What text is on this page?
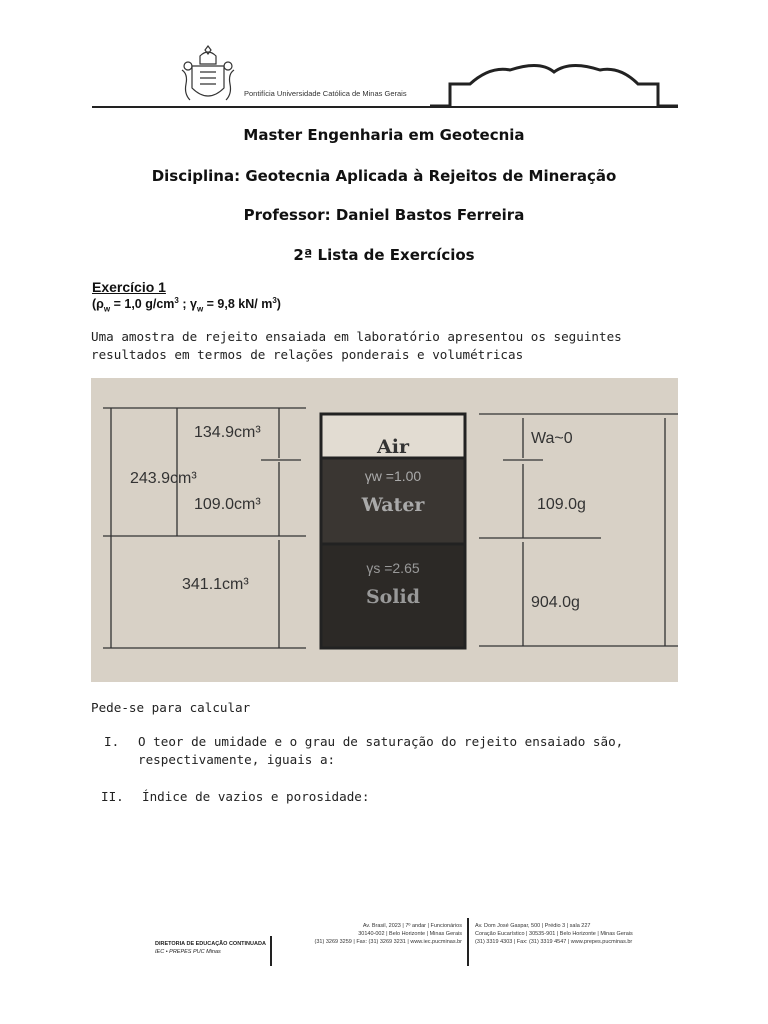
Pontifícia Universidade Católica de Minas Gerais
Master Engenharia em Geotecnia
Disciplina: Geotecnia Aplicada à Rejeitos de Mineração
Professor: Daniel Bastos Ferreira
2ª Lista de Exercícios
Exercício 1
($\rho_w = 1,0$ $g/cm^3$ ; $\gamma_w = 9,8$ kN/ $m^3$)
Uma amostra de rejeito ensaiada em laboratório apresentou os seguintes resultados em termos de relações ponderais e volumétricas
134.9cm³
243.9cm³
109.0cm³
341.1cm³
Air
γw =1.00
Water
γs =2.65
Solid
Wa~0
109.0g
904.0g
Pede-se para calcular
I. O teor de umidade e o grau de saturação do rejeito ensaiado são, respectivamente, iguais a:
II. Índice de vazios e porosidade:
DIRETORIA DE EDUCAÇÃO CONTINUADA
IEC • PREPES PUC Minas
Av. Brasil, 2023 | 7º andar | Funcionários
30140-002 | Belo Horizonte | Minas Gerais
(31) 3269 3259 | Fax: (31) 3269 3231 | www.iec.pucminas.br
Av. Dom José Gaspar, 500 | Prédio 3 | sala 227
Coração Eucarístico | 30535-901 | Belo Horizonte | Minas Gerais
(31) 3319 4303 | Fax: (31) 3319 4547 | www.prepes.pucminas.br
